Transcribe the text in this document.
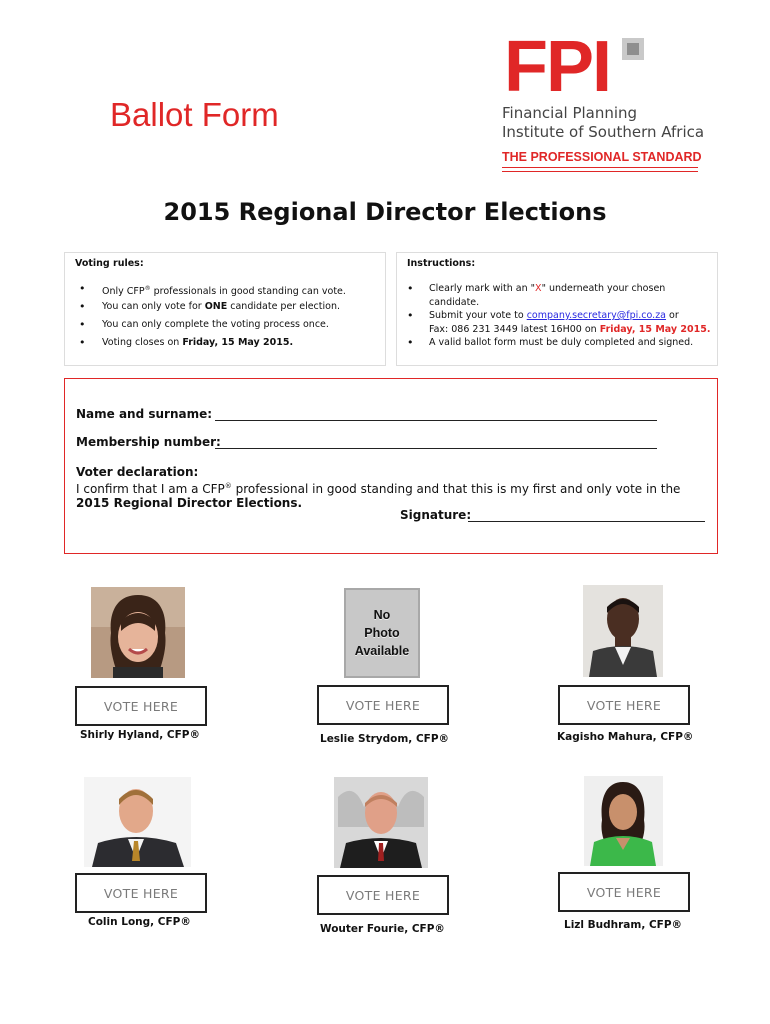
Ballot Form
FPI
Financial Planning
Institute of Southern Africa
THE PROFESSIONAL STANDARD
2015 Regional Director Elections
Voting rules:
• Only CFP® professionals in good standing can vote.
• You can only vote for ONE candidate per election.
• You can only complete the voting process once.
• Voting closes on Friday, 15 May 2015.
Instructions:
• Clearly mark with an "X" underneath your chosen candidate.
• Submit your vote to company.secretary@fpi.co.za or
Fax: 086 231 3449 latest 16H00 on Friday, 15 May 2015.
• A valid ballot form must be duly completed and signed.
Name and surname:
Membership number:
Voter declaration:
I confirm that I am a CFP® professional in good standing and that this is my first and only vote in the 2015 Regional Director Elections.
Signature:
VOTE HERE
Shirly Hyland, CFP®
No
Photo
Available
VOTE HERE
Leslie Strydom, CFP®
VOTE HERE
Kagisho Mahura, CFP®
VOTE HERE
Colin Long, CFP®
VOTE HERE
Wouter Fourie, CFP®
VOTE HERE
Lizl Budhram, CFP®
